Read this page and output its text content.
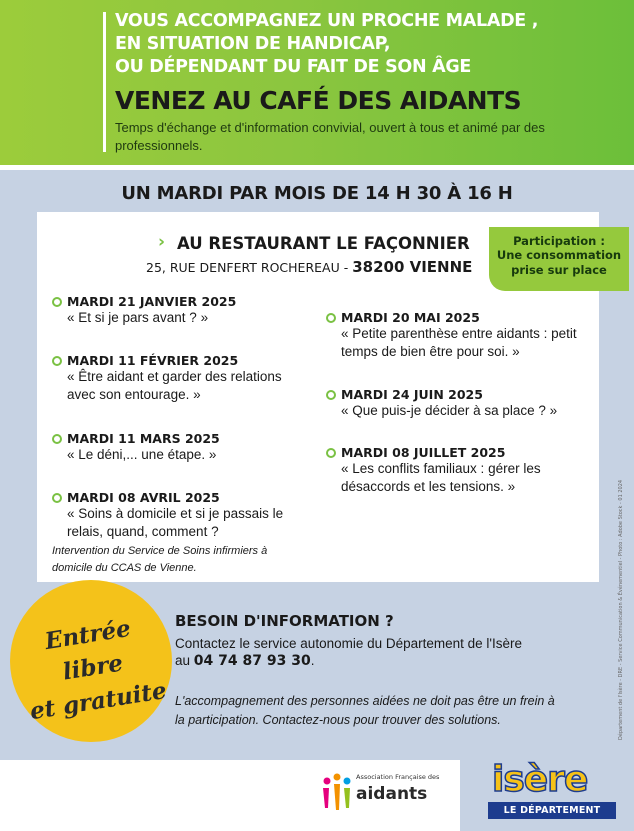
VOUS ACCOMPAGNEZ UN PROCHE MALADE ,
EN SITUATION DE HANDICAP,
OU DÉPENDANT DU FAIT DE SON ÂGE
VENEZ AU CAFÉ DES AIDANTS
Temps d'échange et d'information convivial, ouvert à tous et animé par des professionnels.
UN MARDI PAR MOIS DE 14 H 30 À 16 H
› AU RESTAURANT LE FAÇONNIER
25, RUE DENFERT ROCHEREAU - 38200 VIENNE
Participation :
Une consommation
prise sur place
MARDI 21 JANVIER 2025
« Et si je pars avant ? »
MARDI 11 FÉVRIER 2025
« Être aidant et garder des relations avec son entourage. »
MARDI 11 MARS 2025
« Le déni,... une étape. »
MARDI 08 AVRIL 2025
« Soins à domicile et si je passais le relais, quand, comment ?
Intervention du Service de Soins infirmiers à domicile du CCAS de Vienne.
MARDI 20 MAI 2025
« Petite parenthèse entre aidants : petit temps de bien être pour soi. »
MARDI 24 JUIN 2025
« Que puis-je décider à sa place ? »
MARDI 08 JUILLET 2025
« Les conflits familiaux : gérer les désaccords et les tensions. »	Département de l'Isère - DRE - Service Communication & Événementiel - Photo : Adobe Stock - 01 2024
Entrée libre
et gratuite
BESOIN D'INFORMATION ?
Contactez le service autonomie du Département de l'Isère
au 04 74 87 93 30.
L'accompagnement des personnes aidées ne doit pas être un frein à la participation. Contactez-nous pour trouver des solutions.
Association Française des
aidants isère
LE DÉPARTEMENT
